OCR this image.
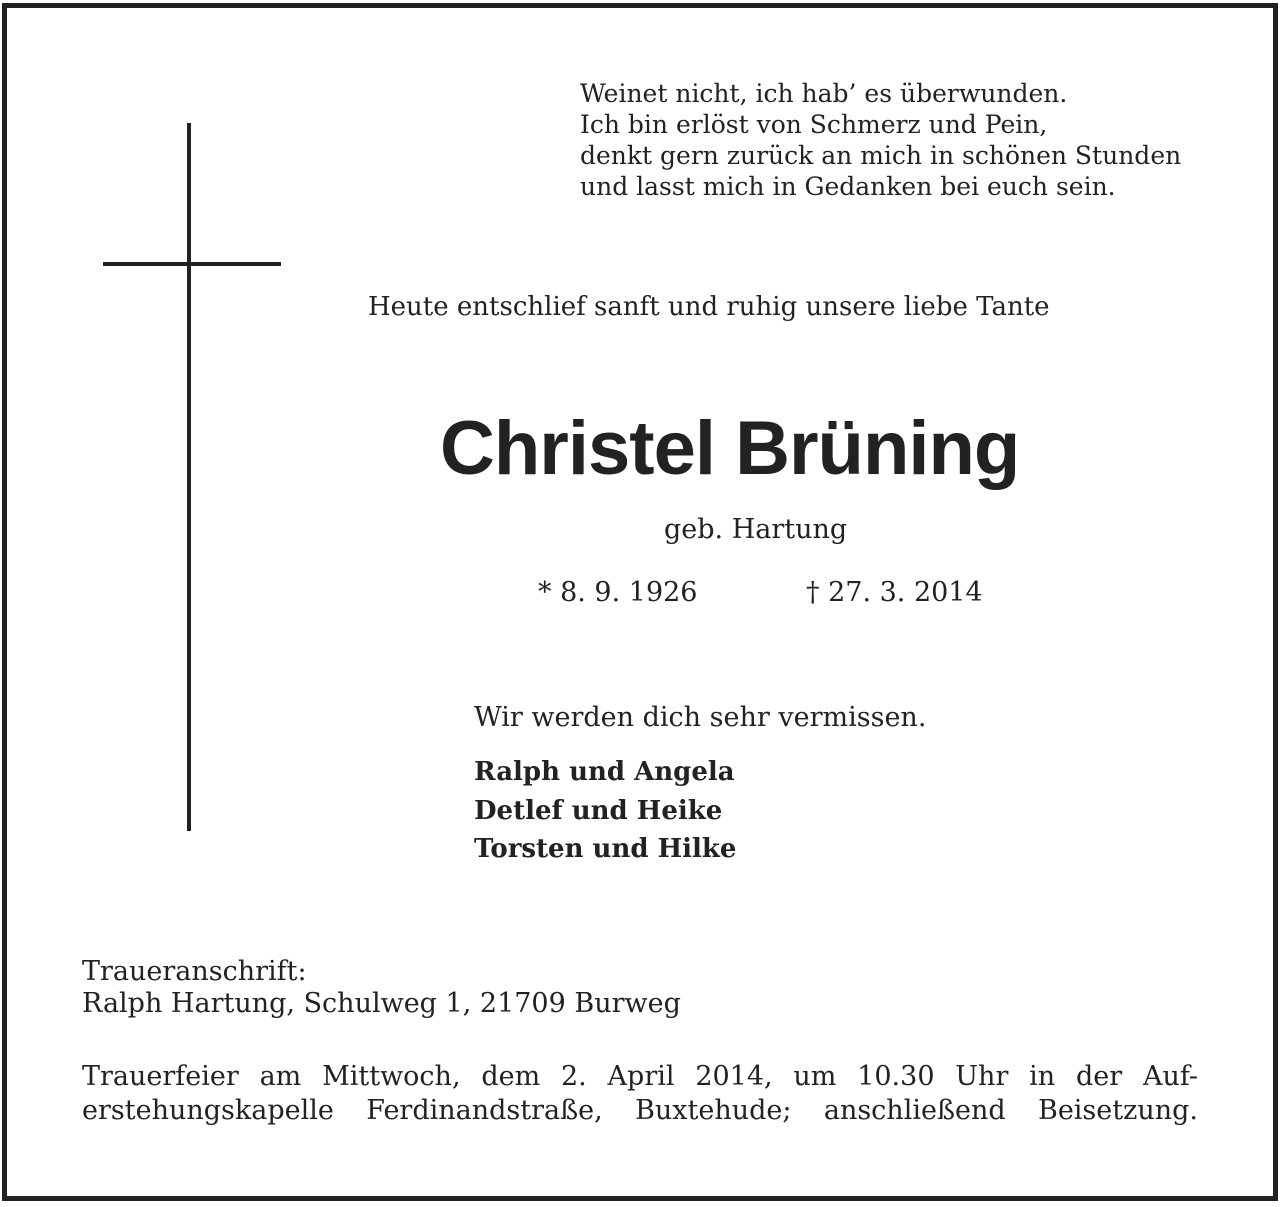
Weinet nicht, ich hab’ es überwunden.
Ich bin erlöst von Schmerz und Pein,
denkt gern zurück an mich in schönen Stunden
und lasst mich in Gedanken bei euch sein.
Heute entschlief sanft und ruhig unsere liebe Tante
Christel Brüning
geb. Hartung
* 8. 9. 1926	† 27. 3. 2014
Wir werden dich sehr vermissen.
Ralph und Angela
Detlef und Heike
Torsten und Hilke
Traueranschrift:
Ralph Hartung, Schulweg 1, 21709 Burweg
Trauerfeier am Mittwoch, dem 2. April 2014, um 10.30 Uhr in der Auf-
erstehungskapelle Ferdinandstraße, Buxtehude; anschließend Beisetzung.
